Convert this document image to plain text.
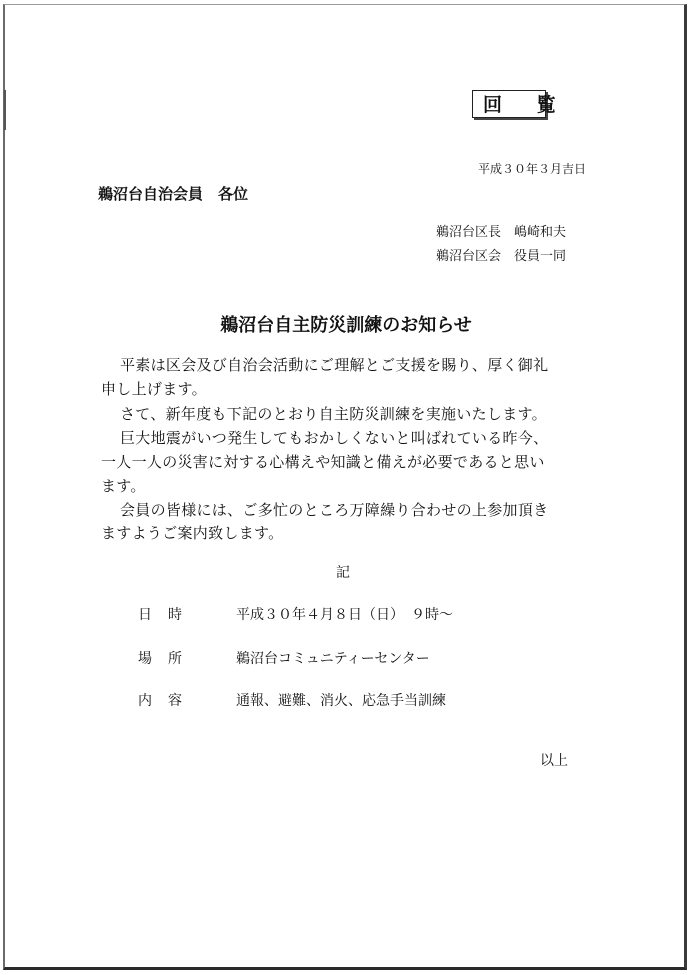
回 覧
平成３０年３月吉日
鵜沼台自治会員　各位
鵜沼台区長　嶋崎和夫
鵜沼台区会　役員一同
鵜沼台自主防災訓練のお知らせ
平素は区会及び自治会活動にご理解とご支援を賜り、厚く御礼
申し上げます。
さて、新年度も下記のとおり自主防災訓練を実施いたします。
巨大地震がいつ発生してもおかしくないと叫ばれている昨今、
一人一人の災害に対する心構えや知識と備えが必要であると思い
ます。
会員の皆様には、ご多忙のところ万障繰り合わせの上参加頂き
ますようご案内致します。
記
日時	平成３０年４月８日（日）　９時～
場所	鵜沼台コミュニティーセンター
内容	通報、避難、消火、応急手当訓練
以上
